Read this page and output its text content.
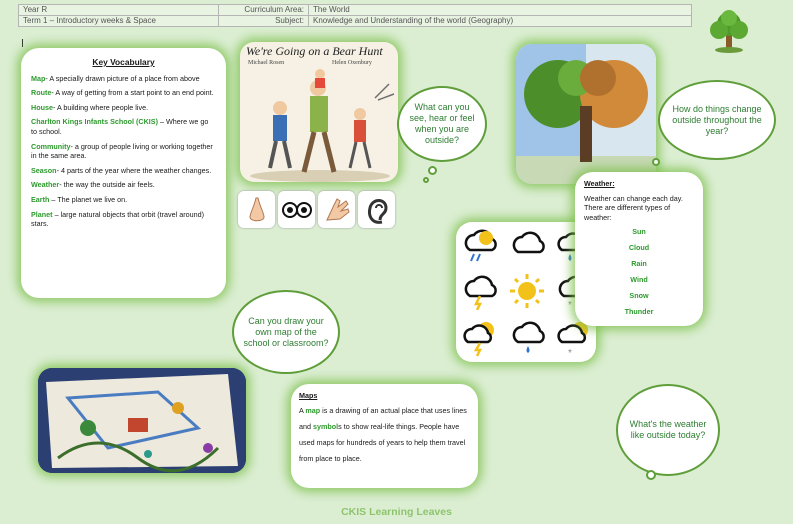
Year R	Curriculum Area:	The World
Term 1 – Introductory weeks & Space	Subject:	Knowledge and Understanding of the world (Geography)
Key Vocabulary

Map- A specially drawn picture of a place from above

Route- A way of getting from a start point to an end point.

House- A building where people live.

Charlton Kings Infants School (CKIS) – Where we go to school.

Community- a group of people living or working together in the same area.

Season- 4 parts of the year where the weather changes.

Weather- the way the outside air feels.

Earth – The planet we live on.

Planet – large natural objects that orbit (travel around) stars.

We're Going on a Bear Hunt
Michael Rosen	Helen Oxenbury
What can you see, hear or feel when you are outside?
How do things change outside throughout the year?
*
*
Weather:
Weather can change each day. There are different types of weather:
Sun
Cloud
Rain
Wind
Snow
Thunder
Can you draw your own map of the school or classroom?
Maps
A map is a drawing of an actual place that uses lines and symbols to show real-life things. People have used maps for hundreds of years to help them travel from place to place.
What's the weather like outside today?
CKIS Learning Leaves
